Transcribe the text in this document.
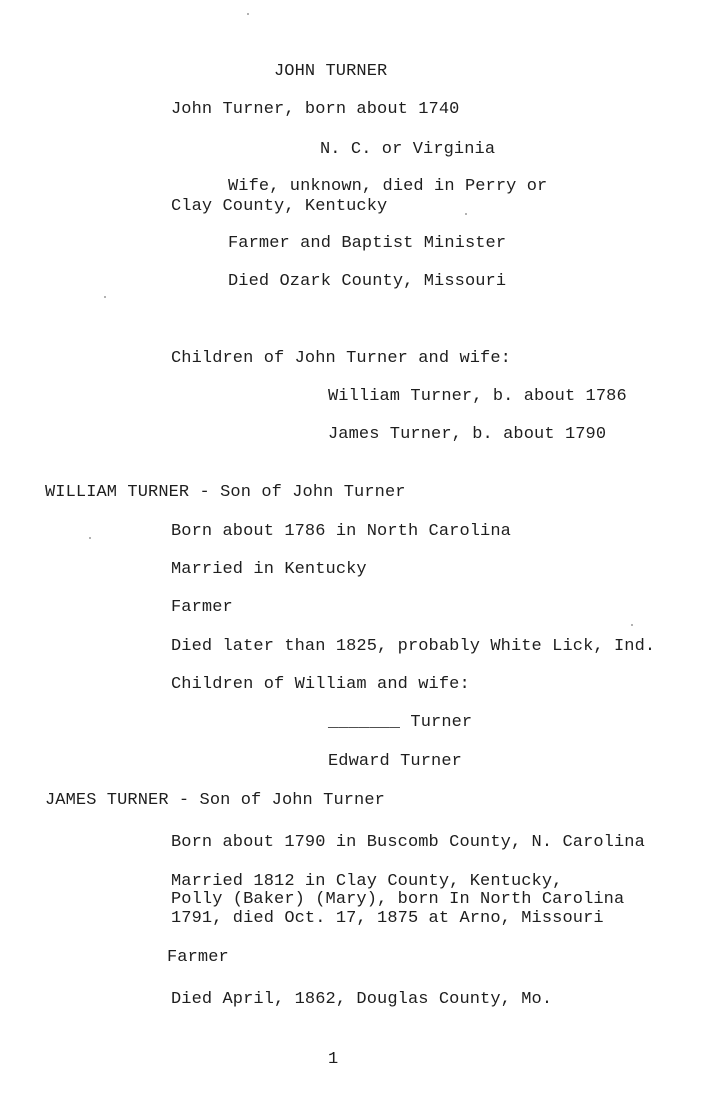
JOHN TURNER
John Turner, born about 1740
N. C. or Virginia
Wife, unknown, died in Perry or
Clay County, Kentucky
Farmer and Baptist Minister
Died Ozark County, Missouri
Children of John Turner and wife:
William Turner, b. about 1786
James Turner, b. about 1790
WILLIAM TURNER - Son of John Turner
Born about 1786 in North Carolina
Married in Kentucky
Farmer
Died later than 1825, probably White Lick, Ind.
Children of William and wife:
_______ Turner
Edward Turner
JAMES TURNER - Son of John Turner
Born about 1790 in Buscomb County, N. Carolina
Married 1812 in Clay County, Kentucky,
Polly (Baker) (Mary), born In North Carolina
1791, died Oct. 17, 1875 at Arno, Missouri
Farmer
Died April, 1862, Douglas County, Mo.
1
